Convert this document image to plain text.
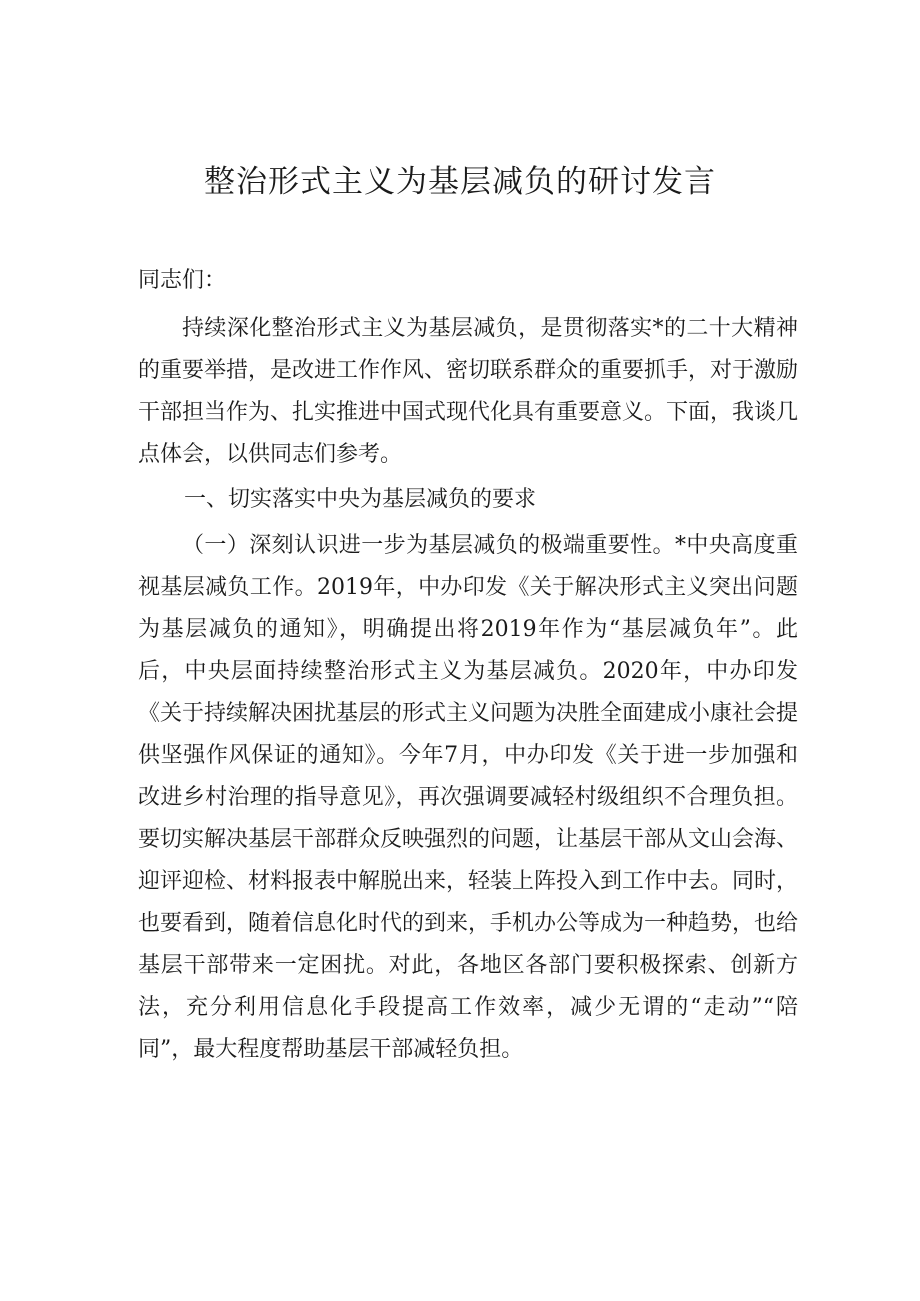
整治形式主义为基层减负的研讨发言
同志们：

持续深化整治形式主义为基层减负，是贯彻落实*的二十大精神的重要举措，是改进工作作风、密切联系群众的重要抓手，对于激励干部担当作为、扎实推进中国式现代化具有重要意义。下面，我谈几点体会，以供同志们参考。

一、切实落实中央为基层减负的要求

（一）深刻认识进一步为基层减负的极端重要性。*中央高度重视基层减负工作。2019年，中办印发《关于解决形式主义突出问题为基层减负的通知》，明确提出将2019年作为“基层减负年”。此后，中央层面持续整治形式主义为基层减负。2020年，中办印发《关于持续解决困扰基层的形式主义问题为决胜全面建成小康社会提供坚强作风保证的通知》。今年7月，中办印发《关于进一步加强和改进乡村治理的指导意见》，再次强调要减轻村级组织不合理负担。要切实解决基层干部群众反映强烈的问题，让基层干部从文山会海、迎评迎检、材料报表中解脱出来，轻装上阵投入到工作中去。同时，也要看到，随着信息化时代的到来，手机办公等成为一种趋势，也给基层干部带来一定困扰。对此，各地区各部门要积极探索、创新方法，充分利用信息化手段提高工作效率，减少无谓的“走动”“陪同”，最大程度帮助基层干部减轻负担。
